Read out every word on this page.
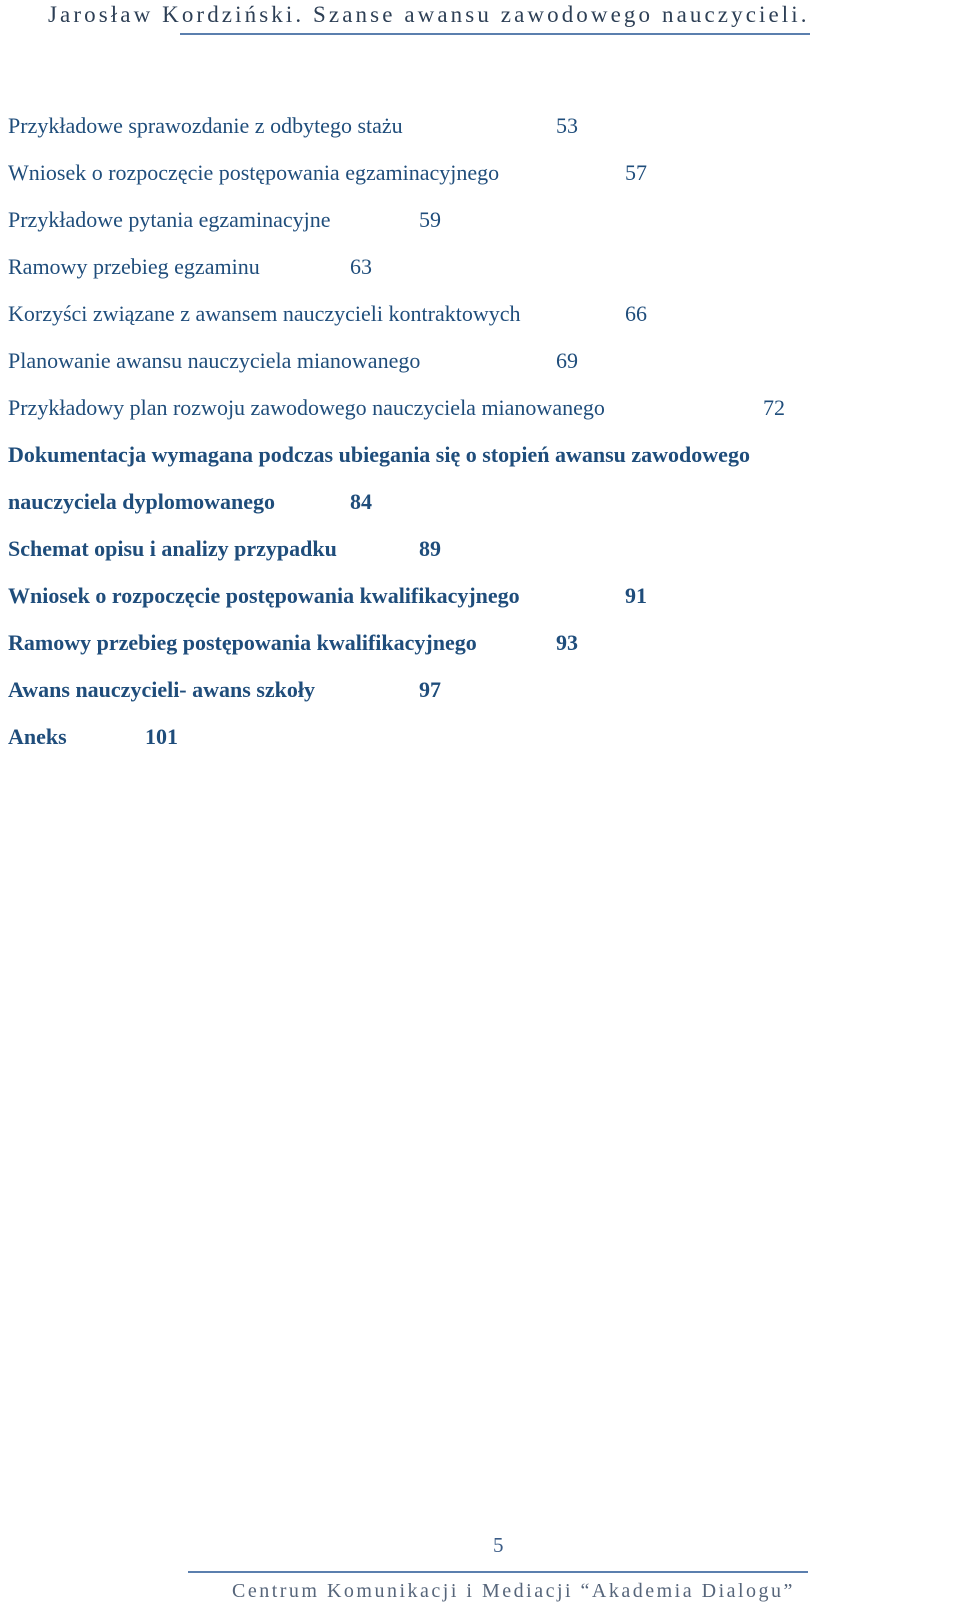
Jarosław Kordziński. Szanse awansu zawodowego nauczycieli.
Przykładowe sprawozdanie z odbytego stażu	53
Wniosek o rozpoczęcie postępowania egzaminacyjnego	57
Przykładowe pytania egzaminacyjne	59
Ramowy przebieg egzaminu	63
Korzyści związane z awansem nauczycieli kontraktowych	66
Planowanie awansu nauczyciela mianowanego	69
Przykładowy plan rozwoju zawodowego nauczyciela mianowanego	72
Dokumentacja wymagana podczas ubiegania się o stopień awansu zawodowego
nauczyciela dyplomowanego	84
Schemat opisu i analizy przypadku	89
Wniosek o rozpoczęcie postępowania kwalifikacyjnego	91
Ramowy przebieg postępowania kwalifikacyjnego	93
Awans nauczycieli- awans szkoły	97
Aneks	101
5
Centrum Komunikacji i Mediacji “Akademia Dialogu”
